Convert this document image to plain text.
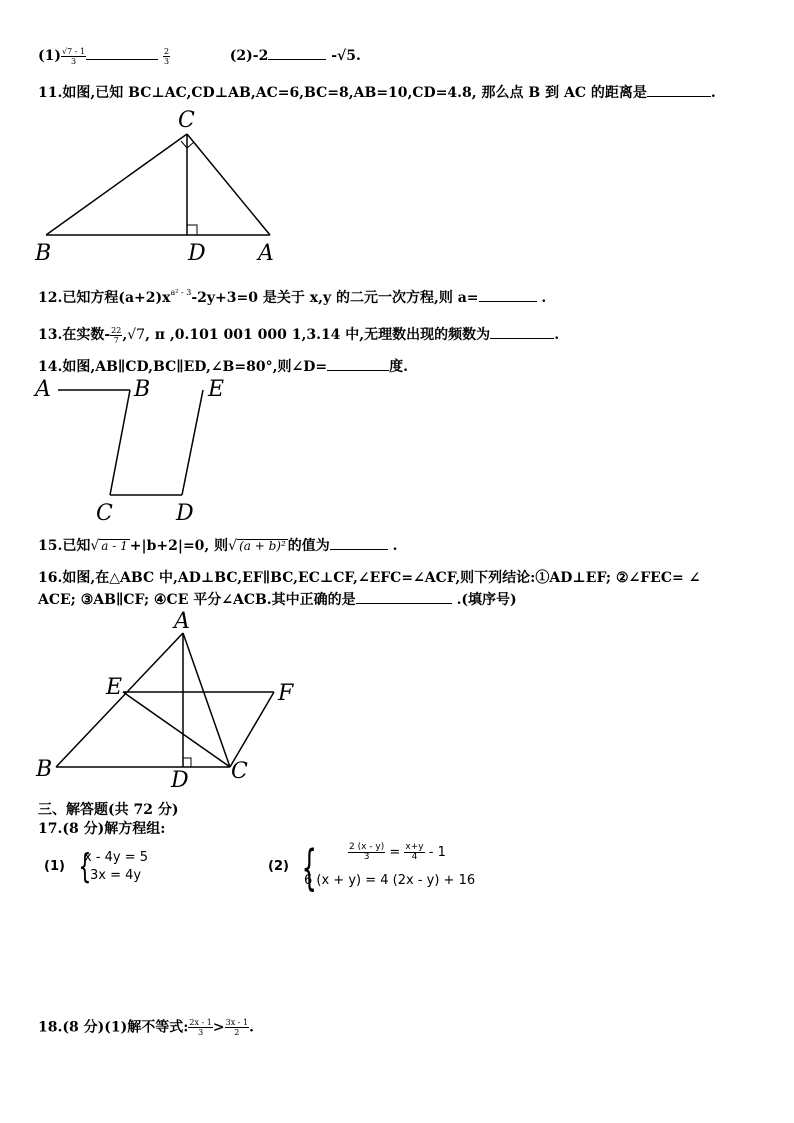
$(1) \frac{√7 - 1}{3}$
	$\frac{2}{3}$	(2)-2	-√5.
11.如图,已知 BC⊥AC,CD⊥AB,AC=6,BC=8,AB=10,CD=4.8, 那么点 B 到 AC 的距离是	.
C
B	D A
12.已知方程$(a+2)x^{a^2 - 3}-2y+3=0$ 是关于 x,y 的二元一次方程,则 a=	.
13.在实数- $\frac{22}{7} ,√7$, π ,0.101 001 000 1,3.14 中,无理数出现的频数为	.
14.如图,AB∥CD,BC∥ED,∠B=80°,则∠D=	度.
A	B	E
C	D
15.已知√ a - 1 +|b+2|=0, 则√ (a + b)² 的值为	.
16.如图,在△ABC 中,AD⊥BC,EF∥BC,EC⊥CF,∠EFC=∠ACF,则下列结论:①AD⊥EF; ②∠FEC= ∠
ACE; ③AB∥CF; ④CE 平分∠ACB.其中正确的是	.(填序号)
A
E	F
B	D C
三、解答题(共 72 分)
17.(8 分)解方程组:
(1) {
x - 4y = 5
3x = 4y
(2) {	$\frac{2 (x - y)}{3} = \frac{x+y}{4} - 1$
6 (x + y) = 4 (2x - y) + 16
18.(8 分)(1)解不等式: $\frac{2x - 1}{3} > \frac{3x - 1}{2}$ .
